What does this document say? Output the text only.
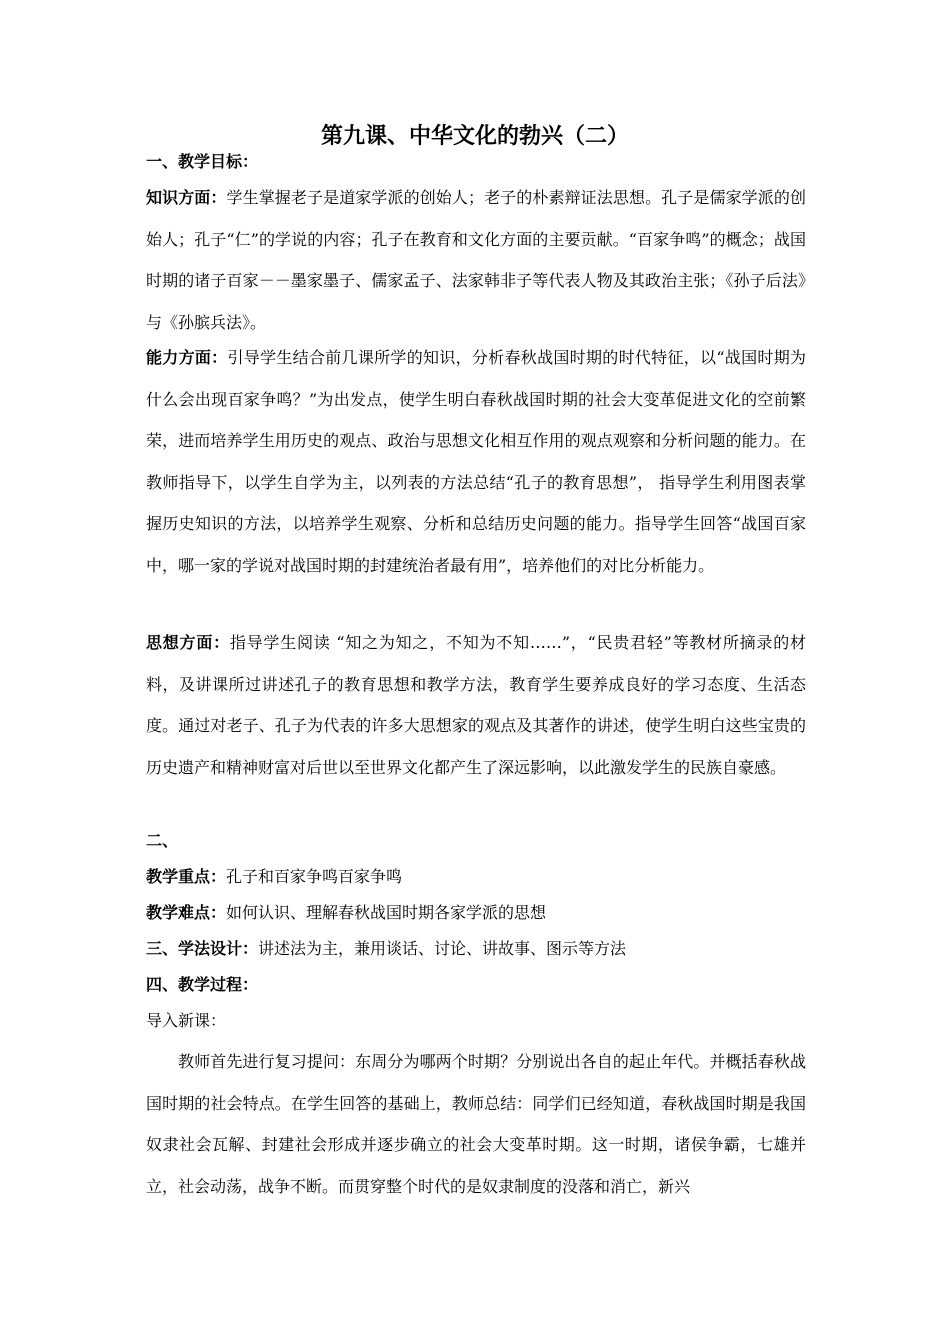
第九课、中华文化的勃兴（二）

一、教学目标：

知识方面：学生掌握老子是道家学派的创始人；老子的朴素辩证法思想。孔子是儒家学派的创始人；孔子“仁”的学说的内容；孔子在教育和文化方面的主要贡献。“百家争鸣”的概念；战国时期的诸子百家－－墨家墨子、儒家孟子、法家韩非子等代表人物及其政治主张；《孙子后法》与《孙膑兵法》。

能力方面：引导学生结合前几课所学的知识，分析春秋战国时期的时代特征，以“战国时期为什么会出现百家争鸣？”为出发点，使学生明白春秋战国时期的社会大变革促进文化的空前繁荣，进而培养学生用历史的观点、政治与思想文化相互作用的观点观察和分析问题的能力。在教师指导下，以学生自学为主，以列表的方法总结“孔子的教育思想”， 指导学生利用图表掌握历史知识的方法，以培养学生观察、分析和总结历史问题的能力。指导学生回答“战国百家中，哪一家的学说对战国时期的封建统治者最有用”，培养他们的对比分析能力。

思想方面：指导学生阅读 “知之为知之，不知为不知……”，“民贵君轻”等教材所摘录的材料，及讲课所过讲述孔子的教育思想和教学方法，教育学生要养成良好的学习态度、生活态度。通过对老子、孔子为代表的许多大思想家的观点及其著作的讲述，使学生明白这些宝贵的历史遗产和精神财富对后世以至世界文化都产生了深远影响，以此激发学生的民族自豪感。

二、

教学重点：孔子和百家争鸣百家争鸣

教学难点：如何认识、理解春秋战国时期各家学派的思想

三、学法设计：讲述法为主，兼用谈话、讨论、讲故事、图示等方法

四、教学过程：

导入新课：

教师首先进行复习提问：东周分为哪两个时期？分别说出各自的起止年代。并概括春秋战国时期的社会特点。在学生回答的基础上，教师总结：同学们已经知道，春秋战国时期是我国奴隶社会瓦解、封建社会形成并逐步确立的社会大变革时期。这一时期，诸侯争霸，七雄并立，社会动荡，战争不断。而贯穿整个时代的是奴隶制度的没落和消亡，新兴
